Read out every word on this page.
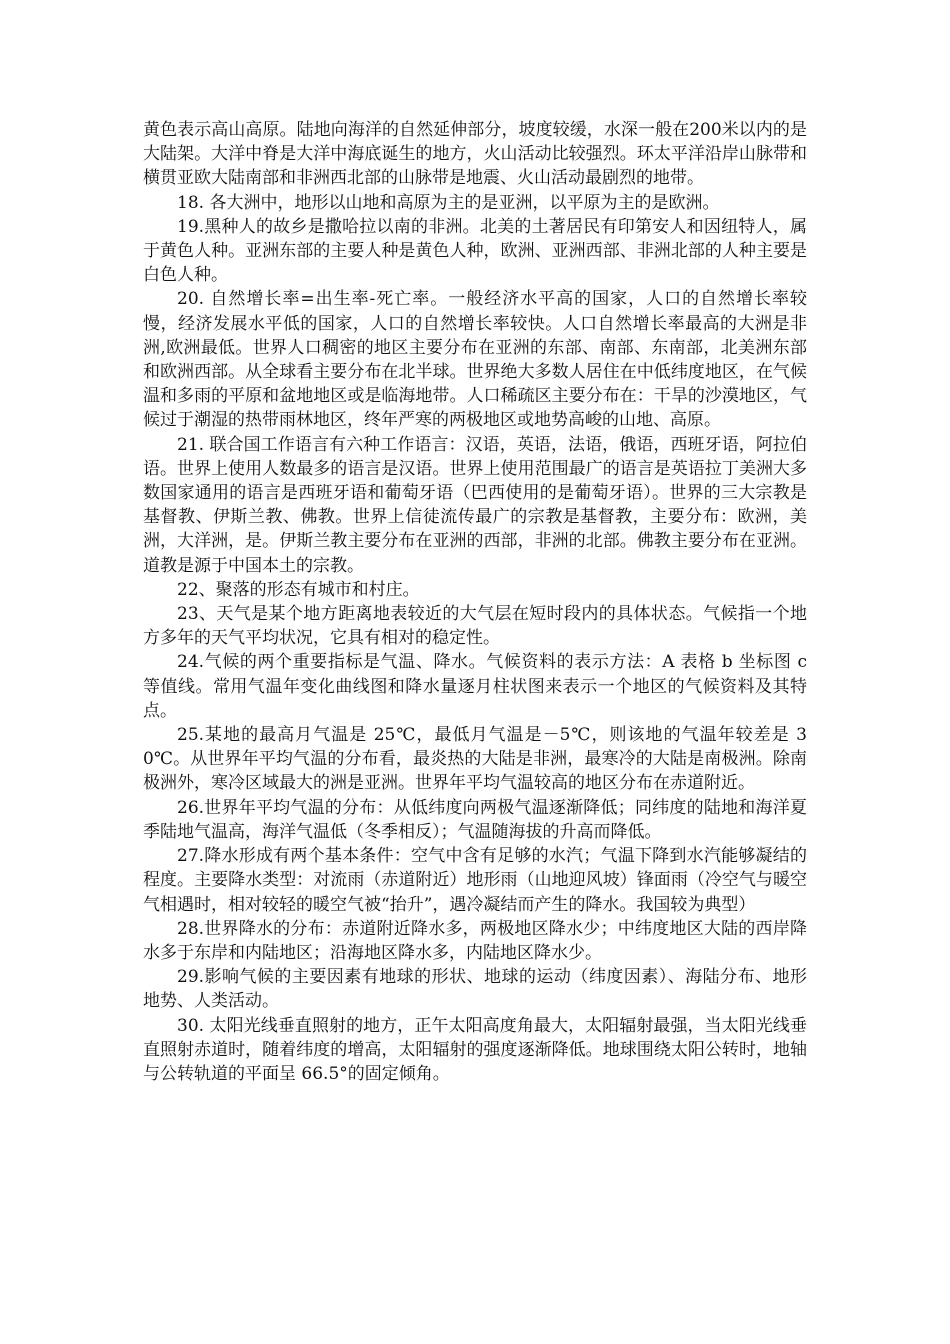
黄色表示高山高原。陆地向海洋的自然延伸部分，坡度较缓，水深一般在200米以内的是大陆架。大洋中脊是大洋中海底诞生的地方，火山活动比较强烈。环太平洋沿岸山脉带和横贯亚欧大陆南部和非洲西北部的山脉带是地震、火山活动最剧烈的地带。

18. 各大洲中，地形以山地和高原为主的是亚洲，以平原为主的是欧洲。

19.黑种人的故乡是撒哈拉以南的非洲。北美的土著居民有印第安人和因纽特人，属于黄色人种。亚洲东部的主要人种是黄色人种，欧洲、亚洲西部、非洲北部的人种主要是白色人种。

20. 自然增长率=出生率-死亡率。一般经济水平高的国家，人口的自然增长率较慢，经济发展水平低的国家，人口的自然增长率较快。人口自然增长率最高的大洲是非洲,欧洲最低。世界人口稠密的地区主要分布在亚洲的东部、南部、东南部，北美洲东部和欧洲西部。从全球看主要分布在北半球。世界绝大多数人居住在中低纬度地区，在气候温和多雨的平原和盆地地区或是临海地带。人口稀疏区主要分布在：干旱的沙漠地区，气候过于潮湿的热带雨林地区，终年严寒的两极地区或地势高峻的山地、高原。

21. 联合国工作语言有六种工作语言：汉语，英语，法语，俄语，西班牙语，阿拉伯语。世界上使用人数最多的语言是汉语。世界上使用范围最广的语言是英语拉丁美洲大多数国家通用的语言是西班牙语和葡萄牙语（巴西使用的是葡萄牙语）。世界的三大宗教是基督教、伊斯兰教、佛教。世界上信徒流传最广的宗教是基督教，主要分布：欧洲，美洲，大洋洲，是。伊斯兰教主要分布在亚洲的西部，非洲的北部。佛教主要分布在亚洲。道教是源于中国本土的宗教。

22、聚落的形态有城市和村庄。

23、天气是某个地方距离地表较近的大气层在短时段内的具体状态。气候指一个地方多年的天气平均状况，它具有相对的稳定性。

24.气候的两个重要指标是气温、降水。气候资料的表示方法：A 表格 b 坐标图 c 等值线。常用气温年变化曲线图和降水量逐月柱状图来表示一个地区的气候资料及其特点。

25.某地的最高月气温是 25℃，最低月气温是－5℃，则该地的气温年较差是 30℃。从世界年平均气温的分布看，最炎热的大陆是非洲，最寒冷的大陆是南极洲。除南极洲外，寒冷区域最大的洲是亚洲。世界年平均气温较高的地区分布在赤道附近。

26.世界年平均气温的分布：从低纬度向两极气温逐渐降低；同纬度的陆地和海洋夏季陆地气温高，海洋气温低（冬季相反）；气温随海拔的升高而降低。

27.降水形成有两个基本条件：空气中含有足够的水汽；气温下降到水汽能够凝结的程度。主要降水类型：对流雨（赤道附近）地形雨（山地迎风坡）锋面雨（冷空气与暖空气相遇时，相对较轻的暖空气被“抬升”，遇冷凝结而产生的降水。我国较为典型）

28.世界降水的分布：赤道附近降水多，两极地区降水少；中纬度地区大陆的西岸降水多于东岸和内陆地区；沿海地区降水多，内陆地区降水少。

29.影响气候的主要因素有地球的形状、地球的运动（纬度因素）、海陆分布、地形地势、人类活动。

30. 太阳光线垂直照射的地方，正午太阳高度角最大，太阳辐射最强，当太阳光线垂直照射赤道时，随着纬度的增高，太阳辐射的强度逐渐降低。地球围绕太阳公转时，地轴与公转轨道的平面呈 66.5°的固定倾角。
